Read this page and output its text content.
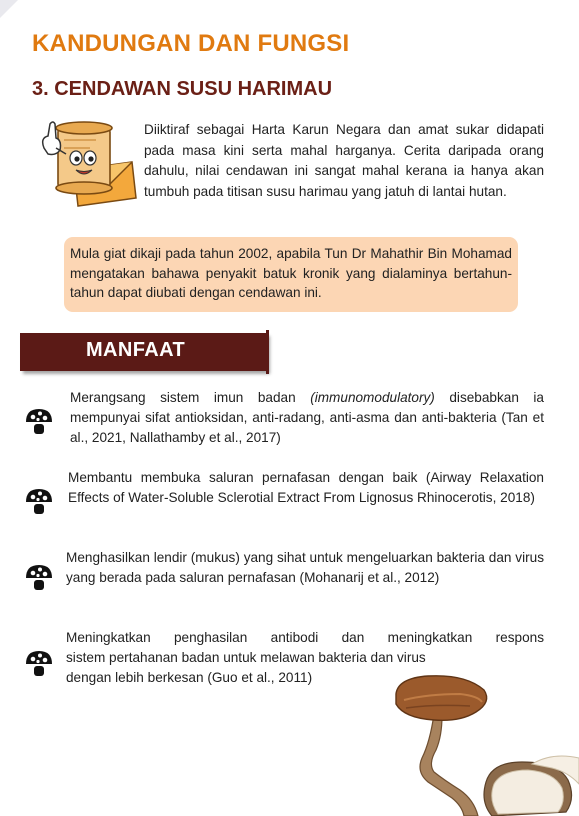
KANDUNGAN DAN FUNGSI
3. CENDAWAN SUSU HARIMAU
Diiktiraf sebagai Harta Karun Negara dan amat sukar didapati pada masa kini serta mahal harganya. Cerita daripada orang dahulu, nilai cendawan ini sangat mahal kerana ia hanya akan tumbuh pada titisan susu harimau yang jatuh di lantai hutan.

Mula giat dikaji pada tahun 2002, apabila Tun Dr Mahathir Bin Mohamad mengatakan bahawa penyakit batuk kronik yang dialaminya bertahun-tahun dapat diubati dengan cendawan ini.

MANFAAT

Merangsang sistem imun badan (immunomodulatory) disebabkan ia mempunyai sifat antioksidan, anti-radang, anti-asma dan anti-bakteria (Tan et al., 2021, Nallathamby et al., 2017)

Membantu membuka saluran pernafasan dengan baik (Airway Relaxation Effects of Water-Soluble Sclerotial Extract From Lignosus Rhinocerotis, 2018)

Menghasilkan lendir (mukus) yang sihat untuk mengeluarkan bakteria dan virus yang berada pada saluran pernafasan (Mohanarij et al., 2012)

Meningkatkan penghasilan antibodi dan meningkatkan respons
sistem pertahanan badan untuk melawan bakteria dan virus
dengan lebih berkesan (Guo et al., 2011)
